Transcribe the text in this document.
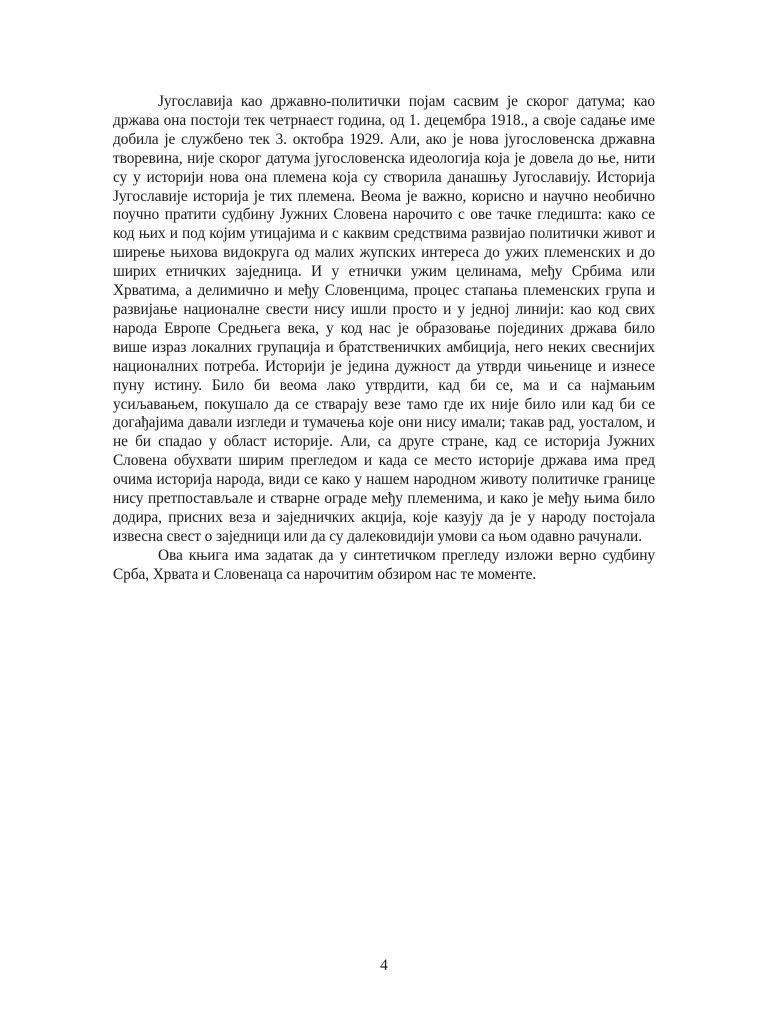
Југославија као државно-политички појам сасвим је скорог датума; као држава она постоји тек четрнаест година, од 1. децембра 1918., а своје садање име добила је службено тек 3. октобра 1929. Али, ако је нова југословенска државна творевина, није скорог датума југословенска идеологија која је довела до ње, нити су у историји нова она племена која су створила данашњу Југославију. Историја Југославије историја је тих племена. Веома је важно, корисно и научно необично поучно пратити судбину Јужних Словена нарочито с ове тачке гледишта: како се код њих и под којим утицајима и с каквим средствима развијао политички живот и ширење њихова видокруга од малих жупских интереса до ужих племенских и до ширих етничких заједница. И у етнички ужим целинама, међу Србима или Хрватима, а делимично и међу Словенцима, процес стапања племенских група и развијање националне свести нису ишли просто и у једној линији: као код свих народа Европе Средњега века, у код нас је образовање појединих држава било више израз локалних групација и братственичких амбиција, него неких свеснијих националних потреба. Историји је једина дужност да утврди чињенице и изнесе пуну истину. Било би веома лако утврдити, кад би се, ма и са најмањим усиљавањем, покушало да се стварају везе тамо где их није било или кад би се догађајима давали изгледи и тумачења које они нису имали; такав рад, уосталом, и не би спадао у област историје. Али, са друге стране, кад се историја Јужних Словена обухвати ширим прегледом и када се место историје држава има пред очима историја народа, види се како у нашем народном животу политичке границе нису претпостављале и стварне ограде међу племенима, и како је међу њима било додира, присних веза и заједничких акција, које казују да је у народу постојала извесна свест о заједници или да су далековидији умови са њом одавно рачунали.

Ова књига има задатак да у синтетичком прегледу изложи верно судбину Срба, Хрвата и Словенаца са нарочитим обзиром нас те моменте.

4
